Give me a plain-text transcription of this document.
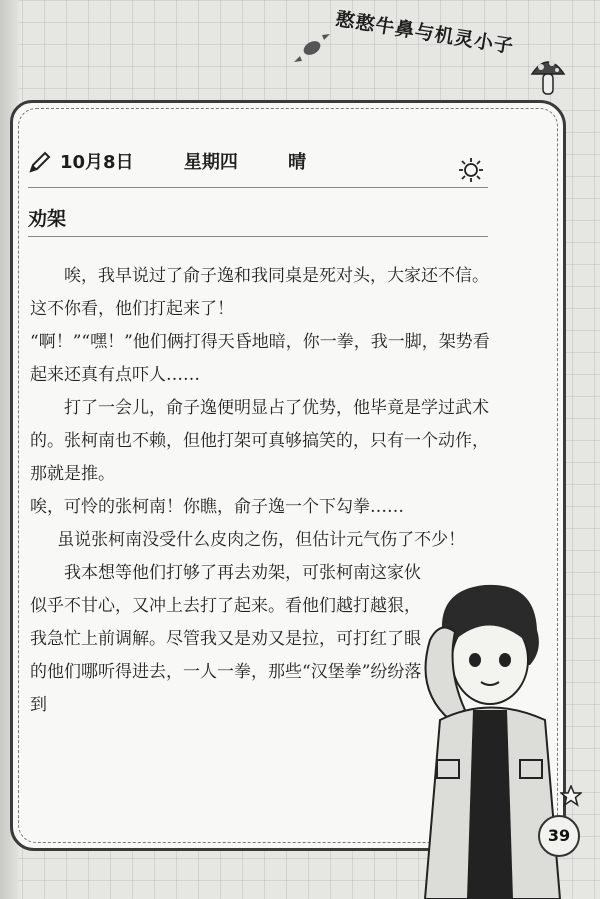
憨憨牛鼻与机灵小子
10月8日	星期四	晴
劝架

唉，我早说过了俞子逸和我同桌是死对头，大家还不信。这不你看，他们打起来了！

“啊！”“嘿！”他们俩打得天昏地暗，你一拳，我一脚，架势看起来还真有点吓人……

打了一会儿，俞子逸便明显占了优势，他毕竟是学过武术的。张柯南也不赖，但他打架可真够搞笑的，只有一个动作，那就是推。

唉，可怜的张柯南！你瞧，俞子逸一个下勾拳……

虽说张柯南没受什么皮肉之伤，但估计元气伤了不少！

我本想等他们打够了再去劝架，可张柯南这家伙似乎不甘心，又冲上去打了起来。看他们越打越狠，我急忙上前调解。尽管我又是劝又是拉，可打红了眼的他们哪听得进去，一人一拳，那些“汉堡拳”纷纷落到

39
